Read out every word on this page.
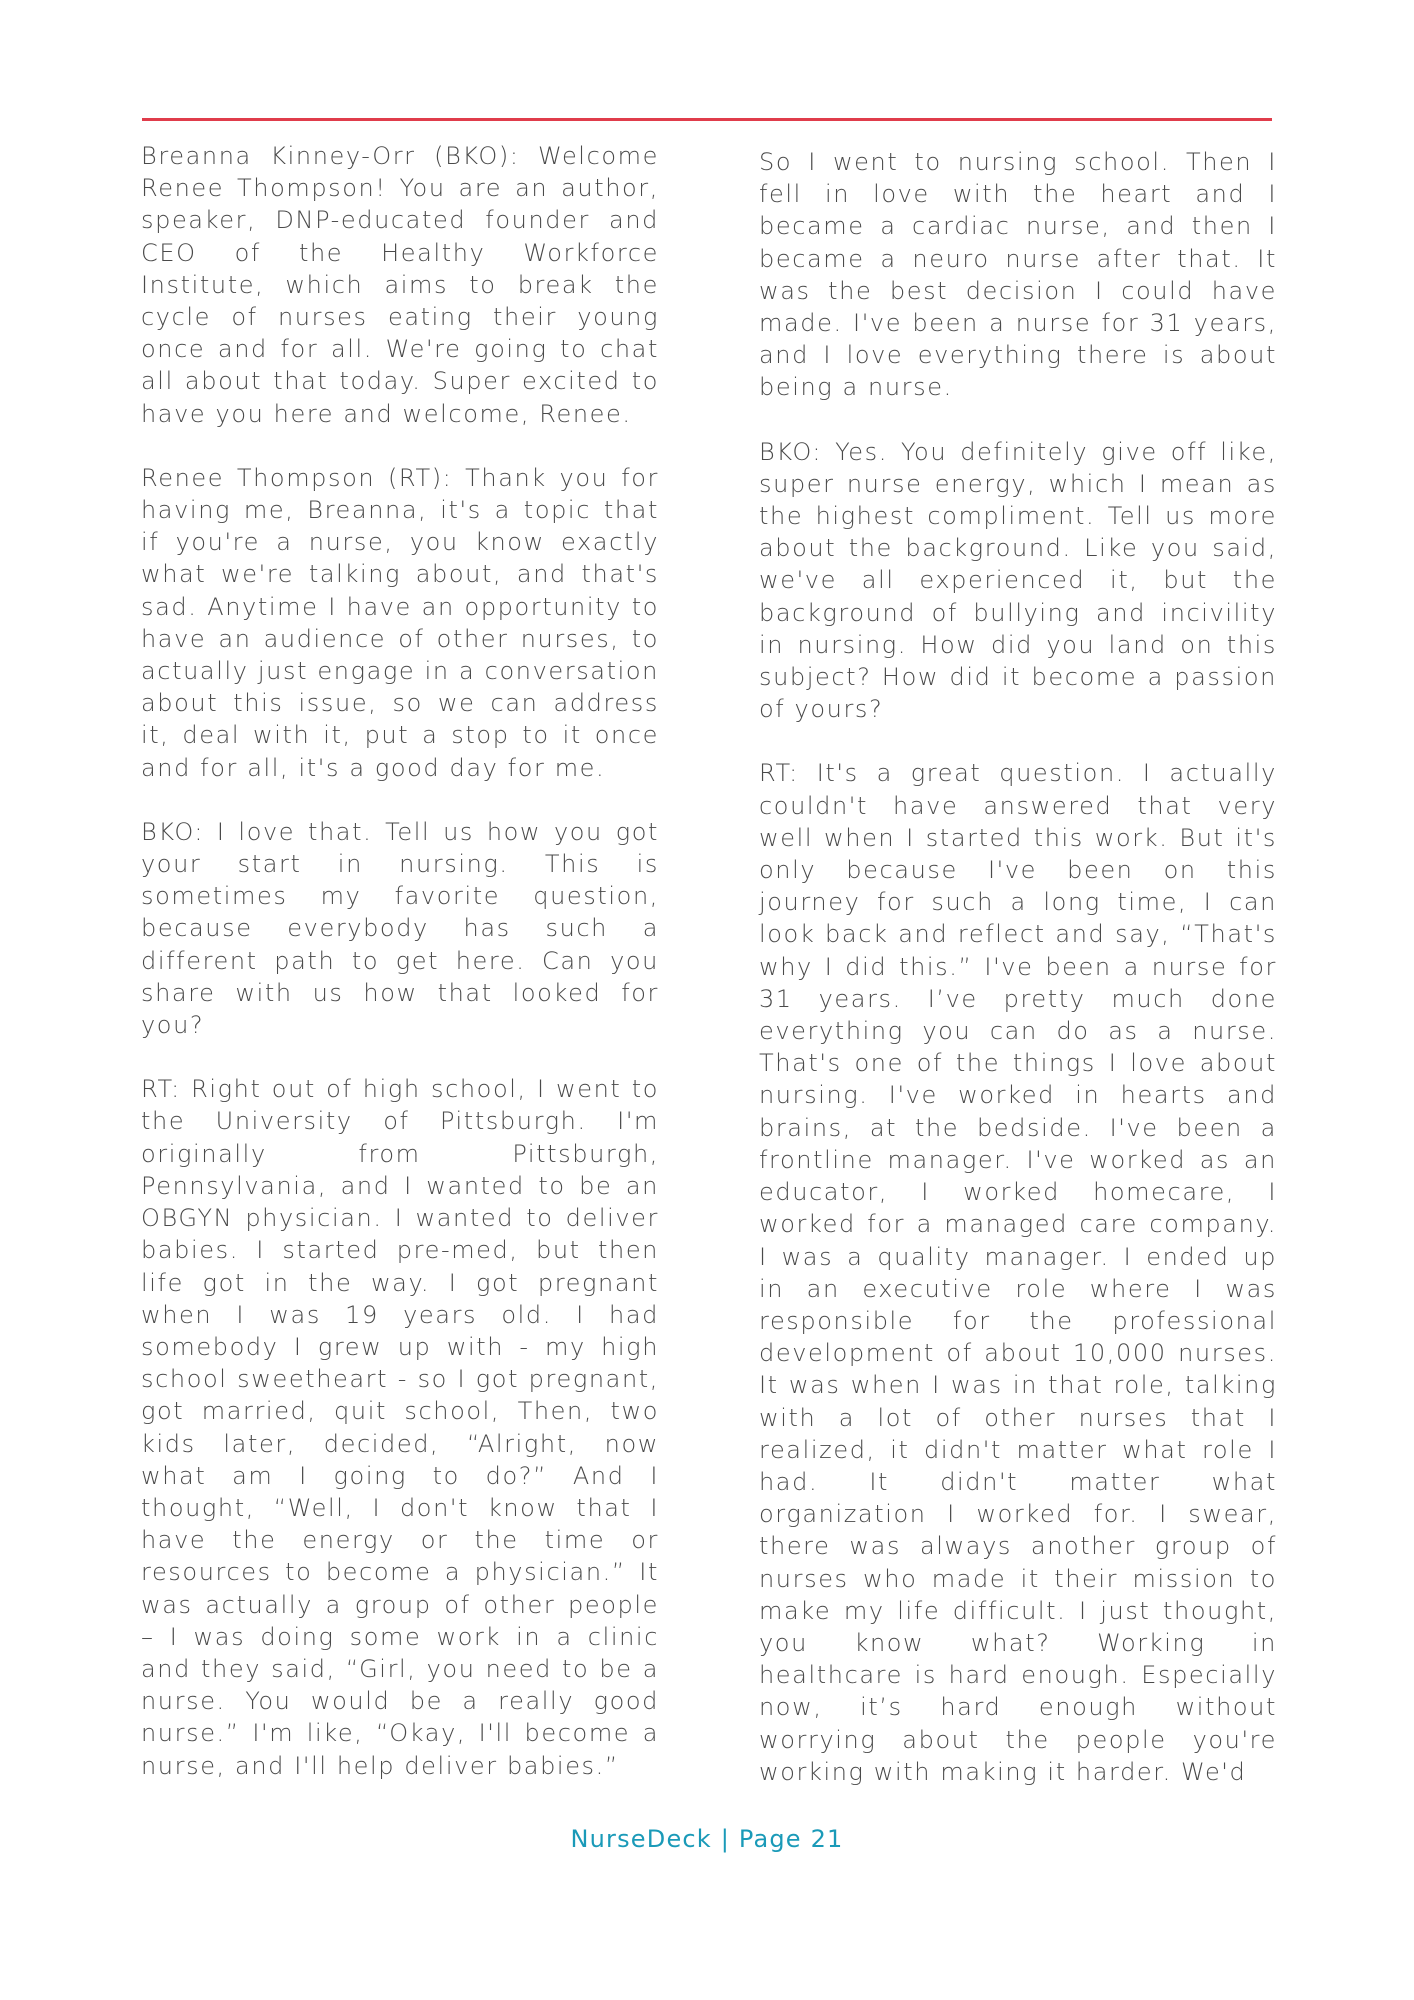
Breanna Kinney-Orr (BKO): Welcome Renee Thompson! You are an author, speaker, DNP-educated founder and CEO of the Healthy Workforce Institute, which aims to break the cycle of nurses eating their young once and for all. We're going to chat all about that today. Super excited to have you here and welcome, Renee.

Renee Thompson (RT): Thank you for having me, Breanna, it's a topic that if you're a nurse, you know exactly what we're talking about, and that's sad. Anytime I have an opportunity to have an audience of other nurses, to actually just engage in a conversation about this issue, so we can address it, deal with it, put a stop to it once and for all, it's a good day for me.

BKO: I love that. Tell us how you got your start in nursing. This is sometimes my favorite question, because everybody has such a different path to get here. Can you share with us how that looked for you?

RT: Right out of high school, I went to the University of Pittsburgh. I'm originally from Pittsburgh, Pennsylvania, and I wanted to be an OBGYN physician. I wanted to deliver babies. I started pre-med, but then life got in the way. I got pregnant when I was 19 years old. I had somebody I grew up with - my high school sweetheart - so I got pregnant, got married, quit school, Then, two kids later, decided, “Alright, now what am I going to do?” And I thought, “Well, I don't know that I have the energy or the time or resources to become a physician.” It was actually a group of other people – I was doing some work in a clinic and they said, “Girl, you need to be a nurse. You would be a really good nurse.” I'm like, “Okay, I'll become a nurse, and I'll help deliver babies.”

So I went to nursing school. Then I fell in love with the heart and I became a cardiac nurse, and then I became a neuro nurse after that. It was the best decision I could have made. I've been a nurse for 31 years, and I love everything there is about being a nurse.

BKO: Yes. You definitely give off like, super nurse energy, which I mean as the highest compliment. Tell us more about the background. Like you said, we've all experienced it, but the background of bullying and incivility in nursing. How did you land on this subject? How did it become a passion of yours?

RT: It's a great question. I actually couldn't have answered that very well when I started this work. But it's only because I've been on this journey for such a long time, I can look back and reflect and say, “That's why I did this.” I've been a nurse for 31 years. I’ve pretty much done everything you can do as a nurse. That's one of the things I love about nursing. I've worked in hearts and brains, at the bedside. I've been a frontline manager. I've worked as an educator, I worked homecare, I worked for a managed care company. I was a quality manager. I ended up in an executive role where I was responsible for the professional development of about 10,000 nurses. It was when I was in that role, talking with a lot of other nurses that I realized, it didn't matter what role I had. It didn't matter what organization I worked for. I swear, there was always another group of nurses who made it their mission to make my life difficult. I just thought, you know what? Working in healthcare is hard enough. Especially now, it’s hard enough without worrying about the people you're working with making it harder. We'd

NurseDeck | Page 21
